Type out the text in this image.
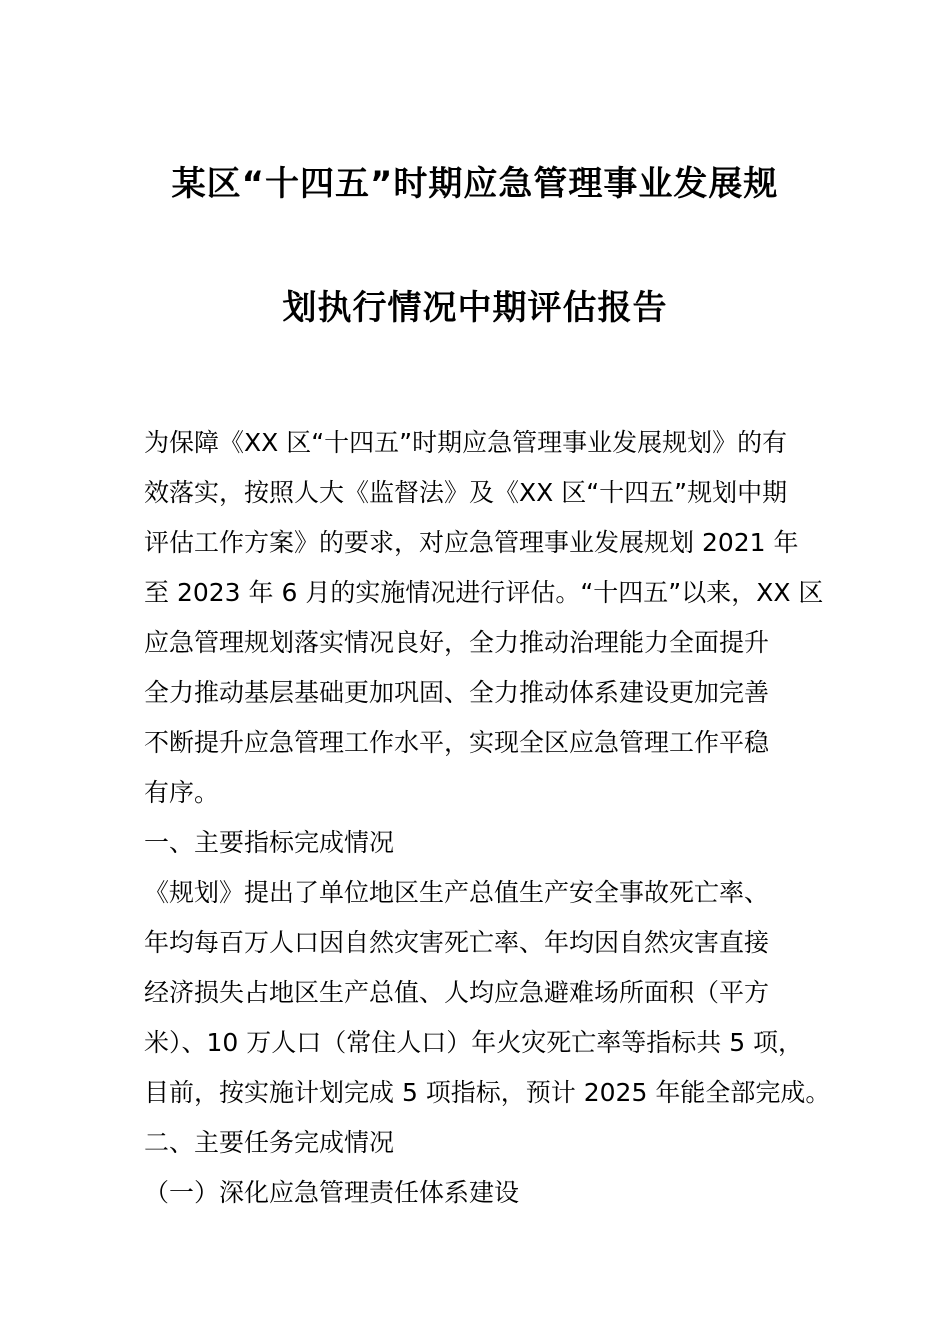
某区“十四五”时期应急管理事业发展规
划执行情况中期评估报告
为保障《XX 区“十四五”时期应急管理事业发展规划》的有
效落实，按照人大《监督法》及《XX 区“十四五”规划中期
评估工作方案》的要求，对应急管理事业发展规划 2021 年
至 2023 年 6 月的实施情况进行评估。“十四五”以来，XX 区
应急管理规划落实情况良好，全力推动治理能力全面提升
全力推动基层基础更加巩固、全力推动体系建设更加完善
不断提升应急管理工作水平，实现全区应急管理工作平稳
有序。
一、主要指标完成情况
《规划》提出了单位地区生产总值生产安全事故死亡率、
年均每百万人口因自然灾害死亡率、年均因自然灾害直接
经济损失占地区生产总值、人均应急避难场所面积（平方
米）、10 万人口（常住人口）年火灾死亡率等指标共 5 项，
目前，按实施计划完成 5 项指标，预计 2025 年能全部完成。
二、主要任务完成情况
（一）深化应急管理责任体系建设
